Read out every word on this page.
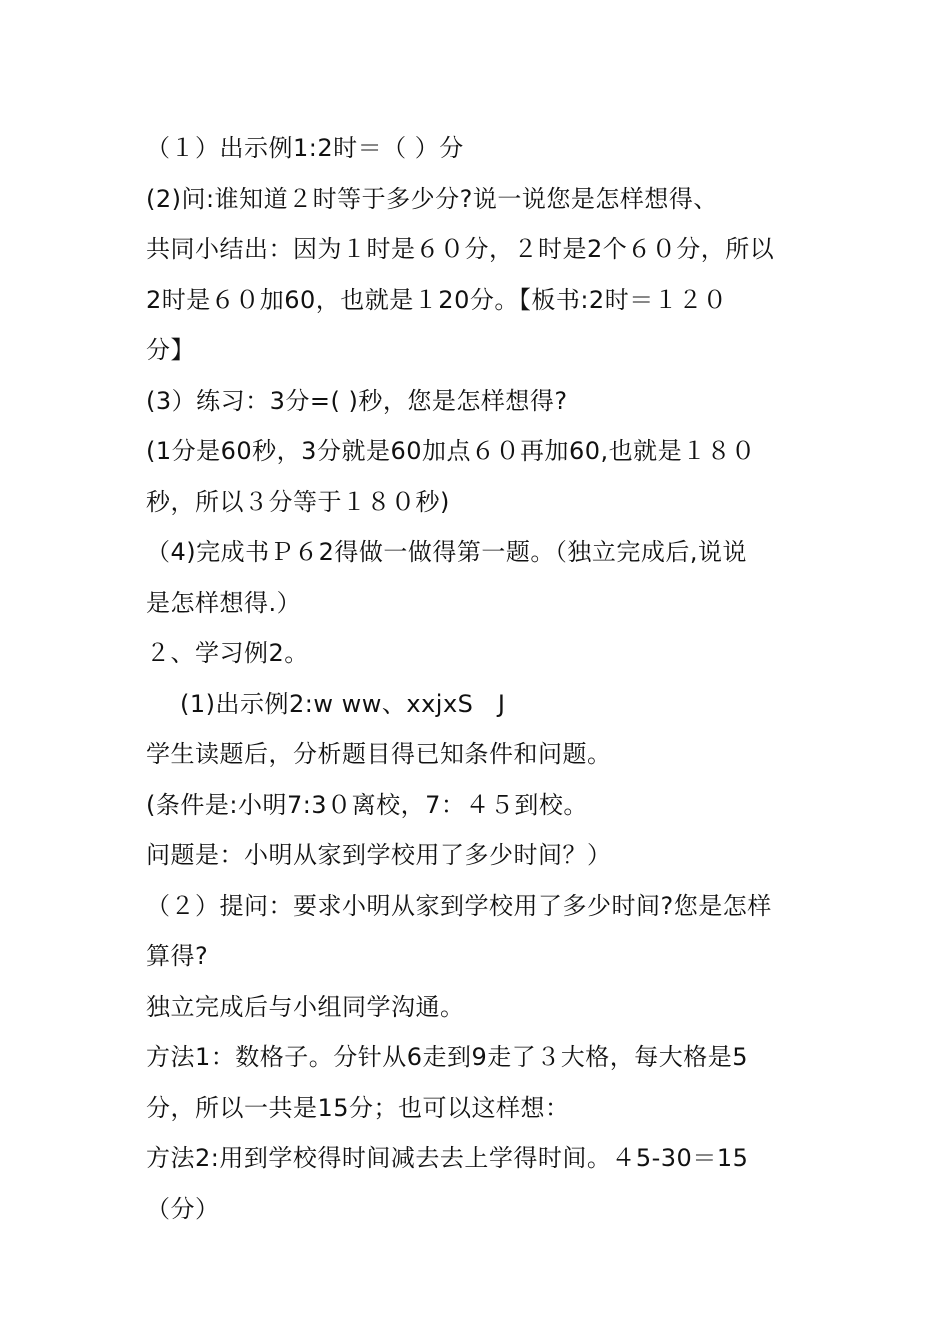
（１）出示例1:2时＝（ ）分
(2)问:谁知道２时等于多少分?说一说您是怎样想得、
共同小结出：因为１时是６０分，２时是2个６０分，所以
2时是６０加60，也就是１20分。【板书:2时＝１２０
分】
(3）练习：3分=( )秒，您是怎样想得?
(1分是60秒，3分就是60加点６０再加60,也就是１８０
秒，所以３分等于１８０秒)
（4)完成书Ｐ６2得做一做得第一题。（独立完成后,说说
是怎样想得.）
２、学习例2。
(1)出示例2:w ww、xxjxS　J
学生读题后，分析题目得已知条件和问题。
(条件是:小明7:3０离校，7：４５到校。
问题是：小明从家到学校用了多少时间？）
（２）提问：要求小明从家到学校用了多少时间?您是怎样
算得?
独立完成后与小组同学沟通。
方法1：数格子。分针从6走到9走了３大格，每大格是5
分，所以一共是15分；也可以这样想：
方法2:用到学校得时间减去去上学得时间。４5-30＝15
（分）
